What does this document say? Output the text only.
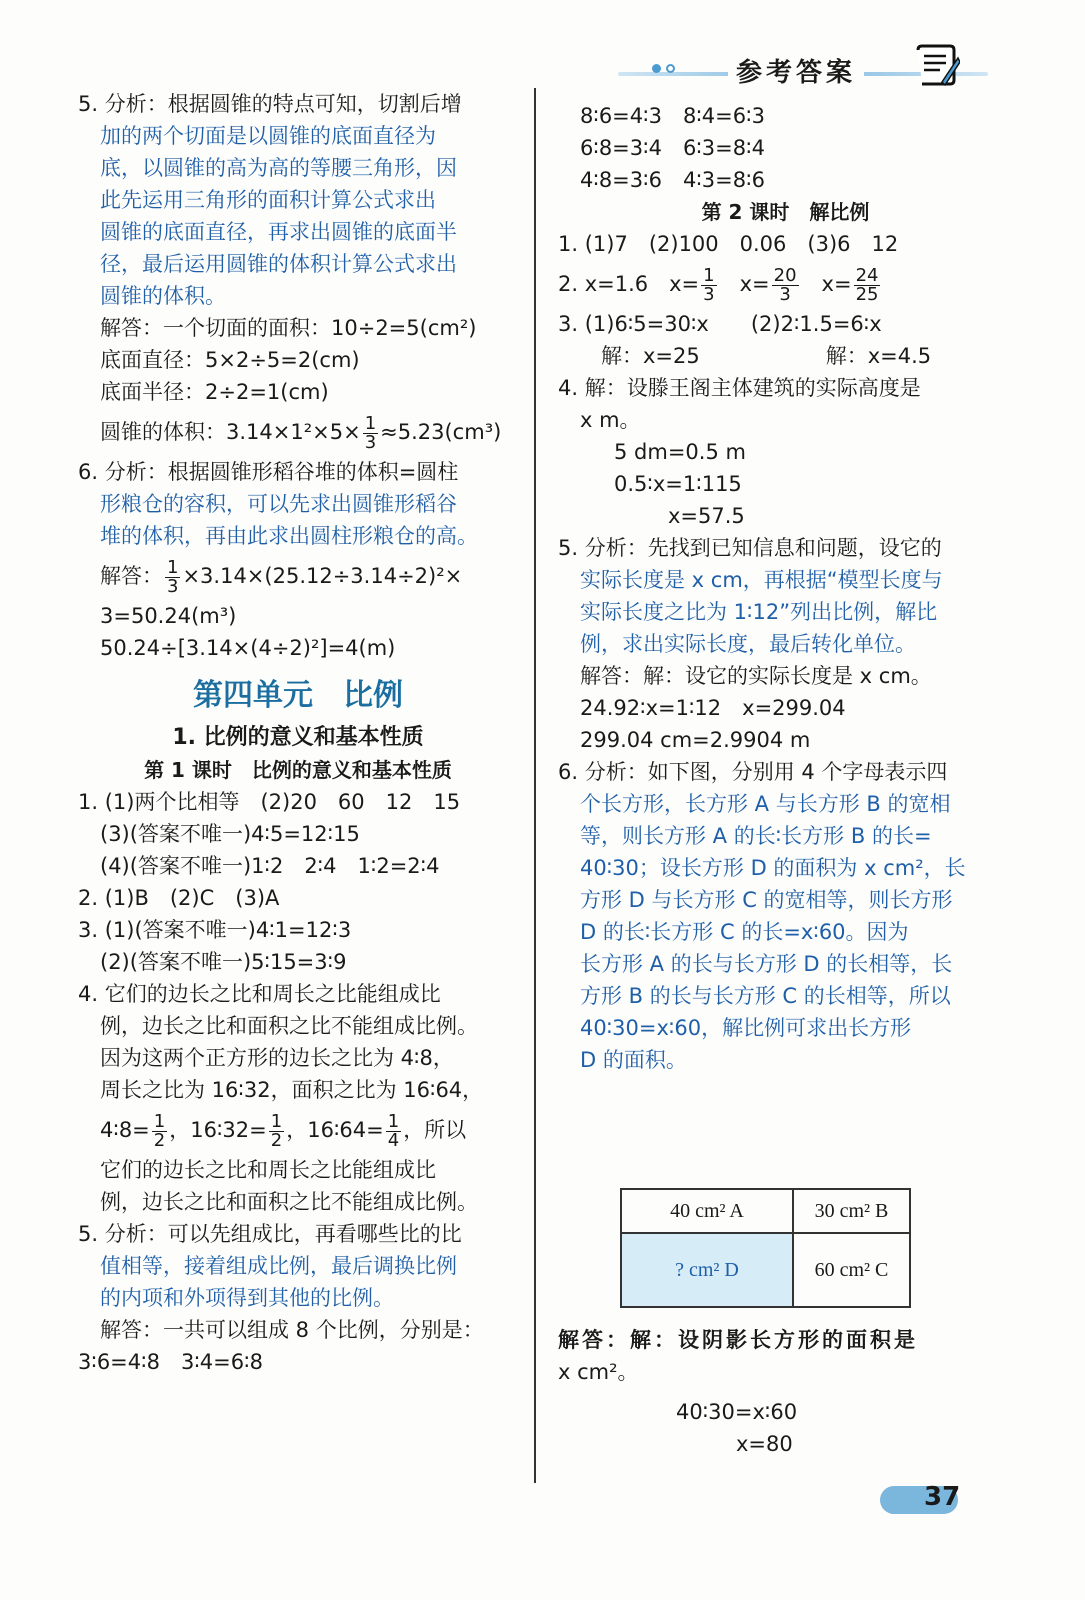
参考答案
5. 分析：根据圆锥的特点可知，切割后增
加的两个切面是以圆锥的底面直径为
底，以圆锥的高为高的等腰三角形，因
此先运用三角形的面积计算公式求出
圆锥的底面直径，再求出圆锥的底面半
径，最后运用圆锥的体积计算公式求出
圆锥的体积。
解答：一个切面的面积：10÷2=5(cm²)
底面直径：5×2÷5=2(cm)
底面半径：2÷2=1(cm)
圆锥的体积：$3.14\times 1^2\times 5\times \frac{1}{3} \approx 5.23(cm^3)$
6. 分析：根据圆锥形稻谷堆的体积=圆柱
形粮仓的容积，可以先求出圆锥形稻谷
堆的体积，再由此求出圆柱形粮仓的高。
解答： $\frac{1}{3} \times 3.14\times(25.12\div 3.14\div 2)^2\times$
3=50.24(m³)
50.24÷[3.14×(4÷2)²]=4(m)
第四单元　比例
1. 比例的意义和基本性质
第 1 课时　比例的意义和基本性质
1. (1)两个比相等　(2)20　60　12　15
(3)(答案不唯一)4∶5=12∶15
(4)(答案不唯一)1∶2　2∶4　1∶2=2∶4
2. (1)B　(2)C　(3)A
3. (1)(答案不唯一)4∶1=12∶3
(2)(答案不唯一)5∶15=3∶9
4. 它们的边长之比和周长之比能组成比
例，边长之比和面积之比不能组成比例。
因为这两个正方形的边长之比为 4∶8，
周长之比为 16∶32，面积之比为 16∶64，
4∶8= $\frac{1}{2}$ ，16∶32= $\frac{1}{2}$ ，16∶64= $\frac{1}{4}$ ，所以
它们的边长之比和周长之比能组成比
例，边长之比和面积之比不能组成比例。
5. 分析：可以先组成比，再看哪些比的比
值相等，接着组成比例，最后调换比例
的内项和外项得到其他的比例。
解答：一共可以组成 8 个比例，分别是：
3∶6=4∶8　3∶4=6∶8
8∶6=4∶3　8∶4=6∶3
6∶8=3∶4　6∶3=8∶4
4∶8=3∶6　4∶3=8∶6
第 2 课时　解比例
1. (1)7　(2)100　0.06　(3)6　12
2. x=1.6　$x= \frac{1}{3}$ 　$x= \frac{20}{3}$ 　$x= \frac{24}{25}$
3. (1)6∶5=30∶x　　(2)2∶1.5=6∶x
　解：x=25　　　　　　解：x=4.5
4. 解：设滕王阁主体建筑的实际高度是
x m。
5 dm=0.5 m
0.5∶x=1∶115
x=57.5
5. 分析：先找到已知信息和问题，设它的
实际长度是 x cm，再根据“模型长度与
实际长度之比为 1∶12”列出比例，解比
例，求出实际长度，最后转化单位。
解答：解：设它的实际长度是 x cm。
24.92∶x=1∶12　x=299.04
299.04 cm=2.9904 m
6. 分析：如下图，分别用 4 个字母表示四
个长方形，长方形 A 与长方形 B 的宽相
等，则长方形 A 的长∶长方形 B 的长=
40∶30；设长方形 D 的面积为 x cm²，长
方形 D 与长方形 C 的宽相等，则长方形
D 的长∶长方形 C 的长=x∶60。因为
长方形 A 的长与长方形 D 的长相等，长
方形 B 的长与长方形 C 的长相等，所以
40∶30=x∶60，解比例可求出长方形
D 的面积。
40 cm² A	30 cm² B
? cm² D	60 cm² C
解答：解：设阴影长方形的面积是
x cm²。
40∶30=x∶60
x=80
37
